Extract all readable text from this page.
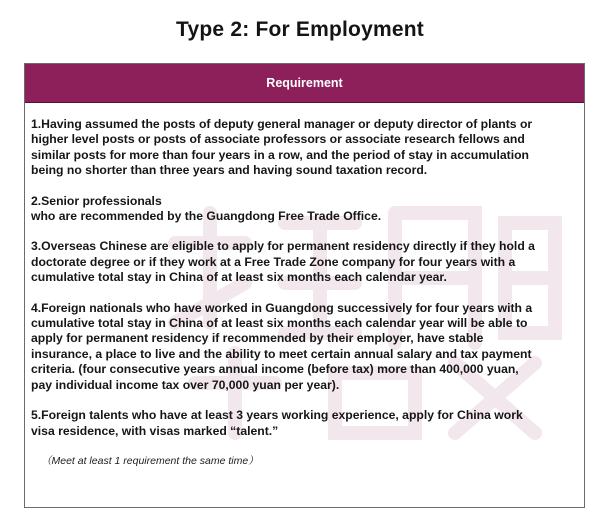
Type 2: For Employment
Requirement
1.Having assumed the posts of deputy general manager or deputy director of plants or
higher level posts or posts of associate professors or associate research fellows and
similar posts for more than four years in a row, and the period of stay in accumulation
being no shorter than three years and having sound taxation record.
2.Senior professionals
who are recommended by the Guangdong Free Trade Office.
3.Overseas Chinese are eligible to apply for permanent residency directly if they hold a
doctorate degree or if they work at a Free Trade Zone company for four years with a
cumulative total stay in China of at least six months each calendar year.
4.Foreign nationals who have worked in Guangdong successively for four years with a
cumulative total stay in China of at least six months each calendar year will be able to
apply for permanent residency if recommended by their employer, have stable
insurance, a place to live and the ability to meet certain annual salary and tax payment
criteria. (four consecutive years annual income (before tax) more than 400,000 yuan,
pay individual income tax over 70,000 yuan per year).
5.Foreign talents who have at least 3 years working experience, apply for China work
visa residence, with visas marked “talent.”
（Meet at least 1 requirement the same time）
